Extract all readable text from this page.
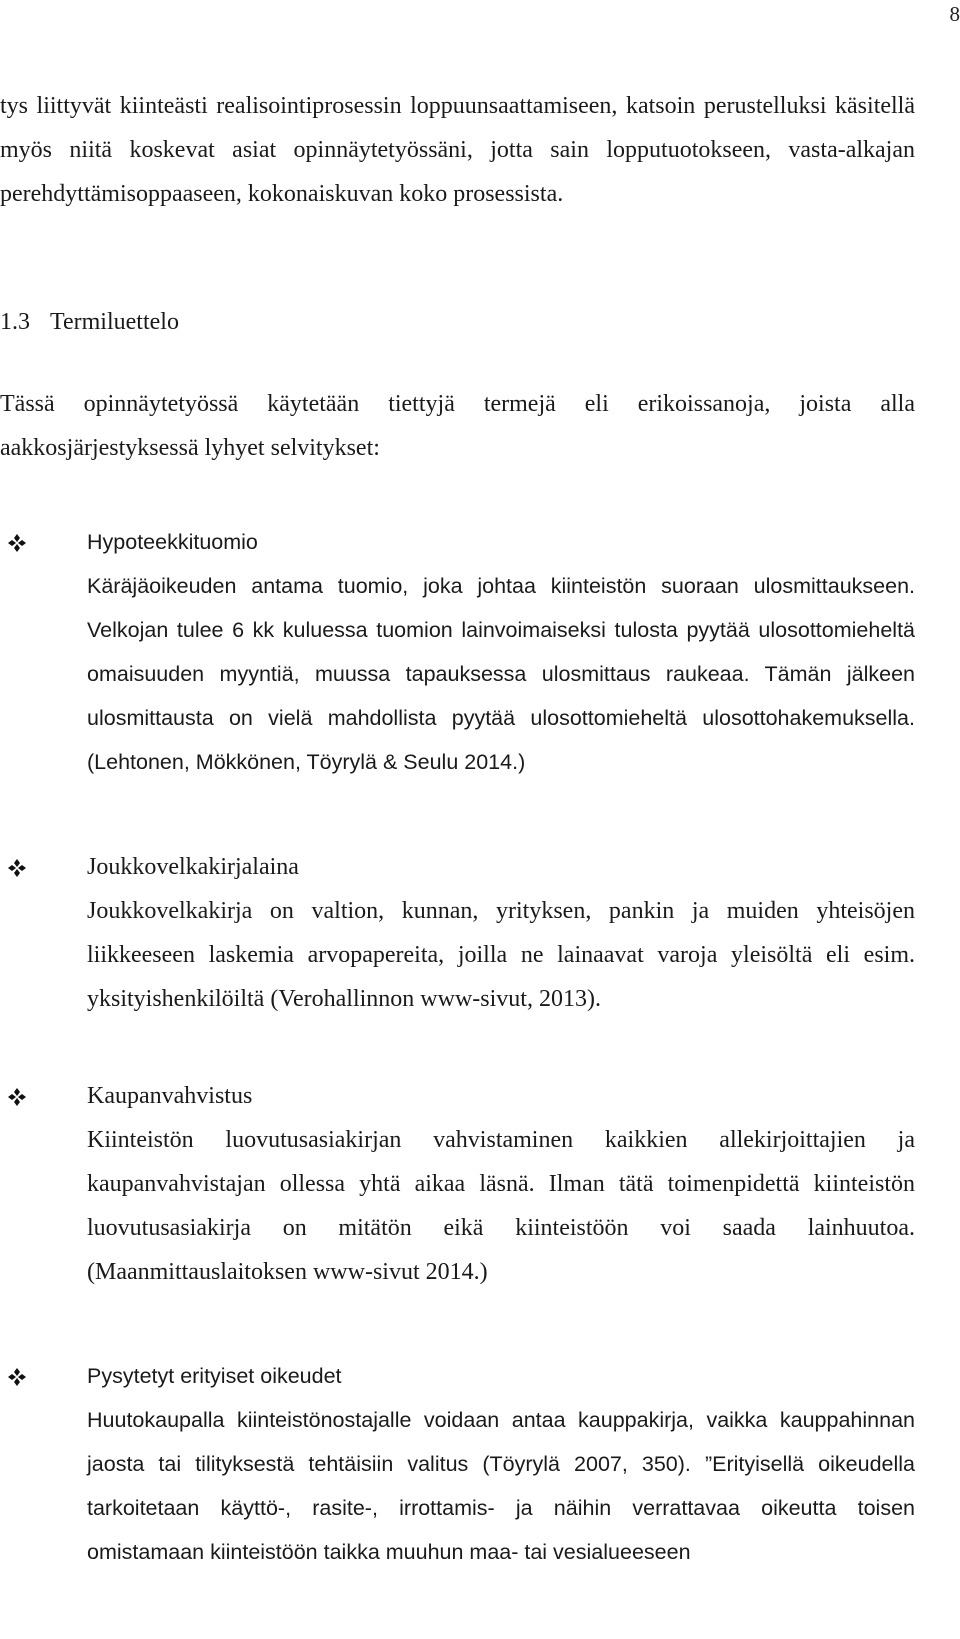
8

tys liittyvät kiinteästi realisointiprosessin loppuunsaattamiseen, katsoin perustelluksi käsitellä myös niitä koskevat asiat opinnäytetyössäni, jotta sain lopputuotokseen, vasta-alkajan perehdyttämisoppaaseen, kokonaiskuvan koko prosessista.

1.3 Termiluettelo

Tässä opinnäytetyössä käytetään tiettyjä termejä eli erikoissanoja, joista alla aakkosjärjestyksessä lyhyet selvitykset:

Hypoteekkituomio

Käräjäoikeuden antama tuomio, joka johtaa kiinteistön suoraan ulosmittaukseen. Velkojan tulee 6 kk kuluessa tuomion lainvoimaiseksi tulosta pyytää ulosottomieheltä omaisuuden myyntiä, muussa tapauksessa ulosmittaus raukeaa. Tämän jälkeen ulosmittausta on vielä mahdollista pyytää ulosottomieheltä ulosottohakemuksella. (Lehtonen, Mökkönen, Töyrylä & Seulu 2014.)

Joukkovelkakirjalaina

Joukkovelkakirja on valtion, kunnan, yrityksen, pankin ja muiden yhteisöjen liikkeeseen laskemia arvopapereita, joilla ne lainaavat varoja yleisöltä eli esim. yksityishenkilöiltä (Verohallinnon www-sivut, 2013).

Kaupanvahvistus

Kiinteistön luovutusasiakirjan vahvistaminen kaikkien allekirjoittajien ja kaupanvahvistajan ollessa yhtä aikaa läsnä. Ilman tätä toimenpidettä kiinteistön luovutusasiakirja on mitätön eikä kiinteistöön voi saada lainhuutoa. (Maanmittauslaitoksen www-sivut 2014.)

Pysytetyt erityiset oikeudet

Huutokaupalla kiinteistönostajalle voidaan antaa kauppakirja, vaikka kauppahinnan jaosta tai tilityksestä tehtäisiin valitus (Töyrylä 2007, 350). ”Erityisellä oikeudella tarkoitetaan käyttö-, rasite-, irrottamis- ja näihin verrattavaa oikeutta toisen omistamaan kiinteistöön taikka muuhun maa- tai vesialueeseen
